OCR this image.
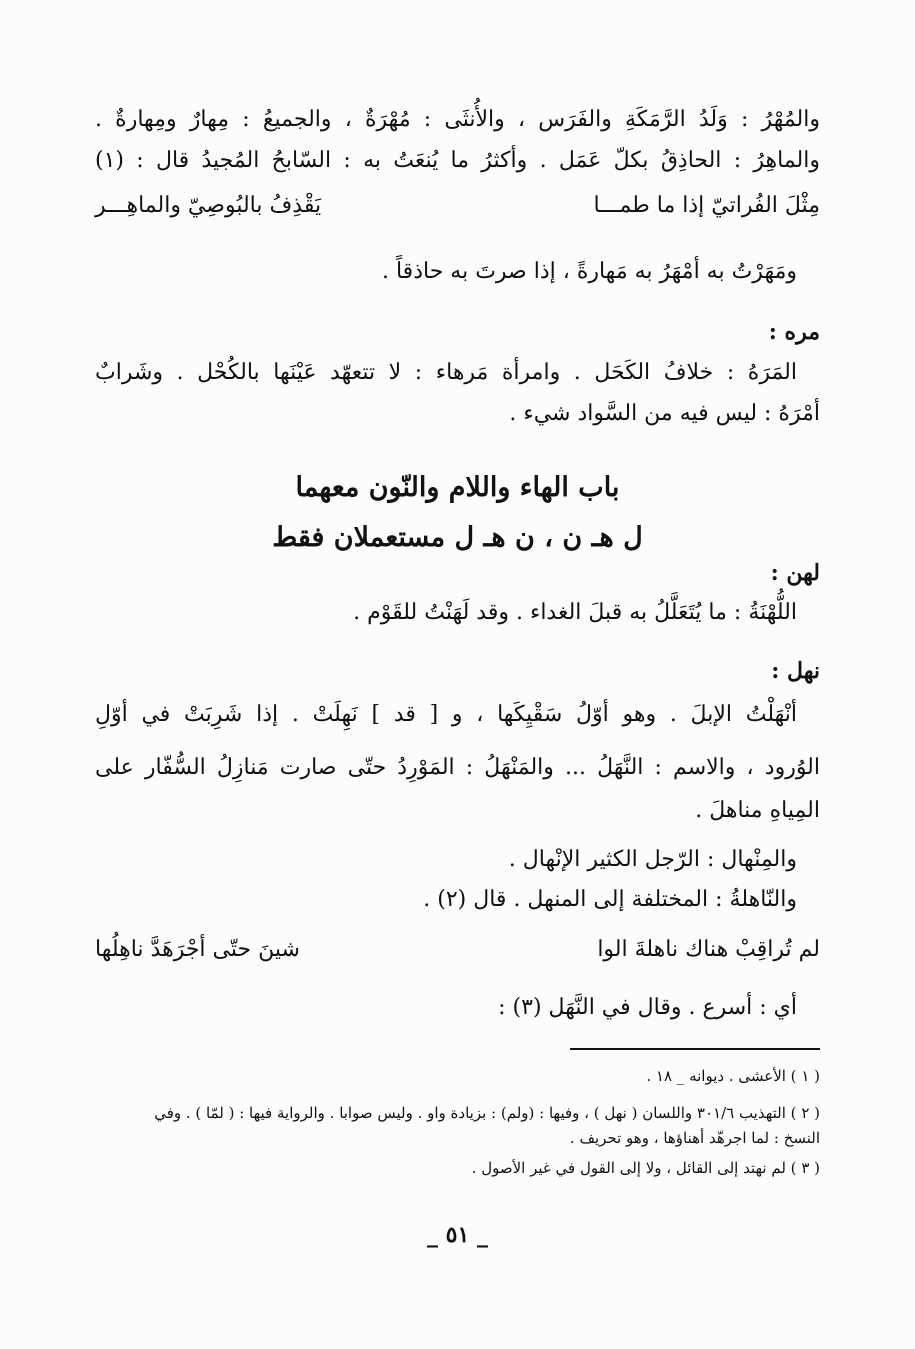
والمُهْرُ : وَلَدُ الرَّمَكَةِ والفَرَس ، والأُنثَى : مُهْرَةٌ ، والجميعُ : مِهارٌ ومِهارةٌ .
والماهِرُ : الحاذِقُ بكلّ عَمَل . وأكثرُ ما يُنعَتُ به : السّابحُ المُجيدُ قال : (١)
مِثْلَ الفُراتيّ إذا ما طمـــا
يَقْذِفُ بالبُوصِيّ والماهِـــر
ومَهَرْتُ به أمْهَرُ به مَهارةً ، إذا صرتَ به حاذقاً .
مره :
المَرَهُ : خلافُ الكَحَل . وامرأة مَرهاء : لا تتعهّد عَيْنَها بالكُحْل . وشَرابٌ
أمْرَهُ : ليس فيه من السَّواد شيء .
باب الهاء واللام والنّون معهما
ل هـ ن ، ن هـ ل مستعملان فقط
لهن :
اللُّهْنَةُ : ما يُتَعَلَّلُ به قبلَ الغداء . وقد لَهَنْتُ للقَوْم .
نهل :
أنْهَلْتُ الإبلَ . وهو أوّلُ سَقْيِكَها ، و [ قد ] نَهِلَتْ . إذا شَرِبَتْ في أوّلِ
الوُرود ، والاسم : النَّهَلُ ... والمَنْهَلُ : المَوْرِدُ حتّى صارت مَنازِلُ السُّفّار على
المِياهِ مناهلَ .
والمِنْهال : الرّجل الكثير الإنْهال .
والنّاهلةُ : المختلفة إلى المنهل . قال (٢) .
لم تُراقِبْ هناك ناهلةَ الوا
شينَ حتّى أجْرَهَدَّ ناهِلُها
أي : أسرع . وقال في النَّهَل (٣) :
( ١ ) الأعشى . ديوانه _ ١٨ .
( ٢ ) التهذيب ٣٠١/٦ واللسان ( نهل ) ، وفيها : (ولم) : بزيادة واو . وليس صوابا . والرواية فيها : ( لمّا ) . وفي
النسخ : لما اجرهّد أهناؤها ، وهو تحريف .
( ٣ ) لم نهتد إلى القائل ، ولا إلى القول في غير الأصول .
_ ٥١ _
